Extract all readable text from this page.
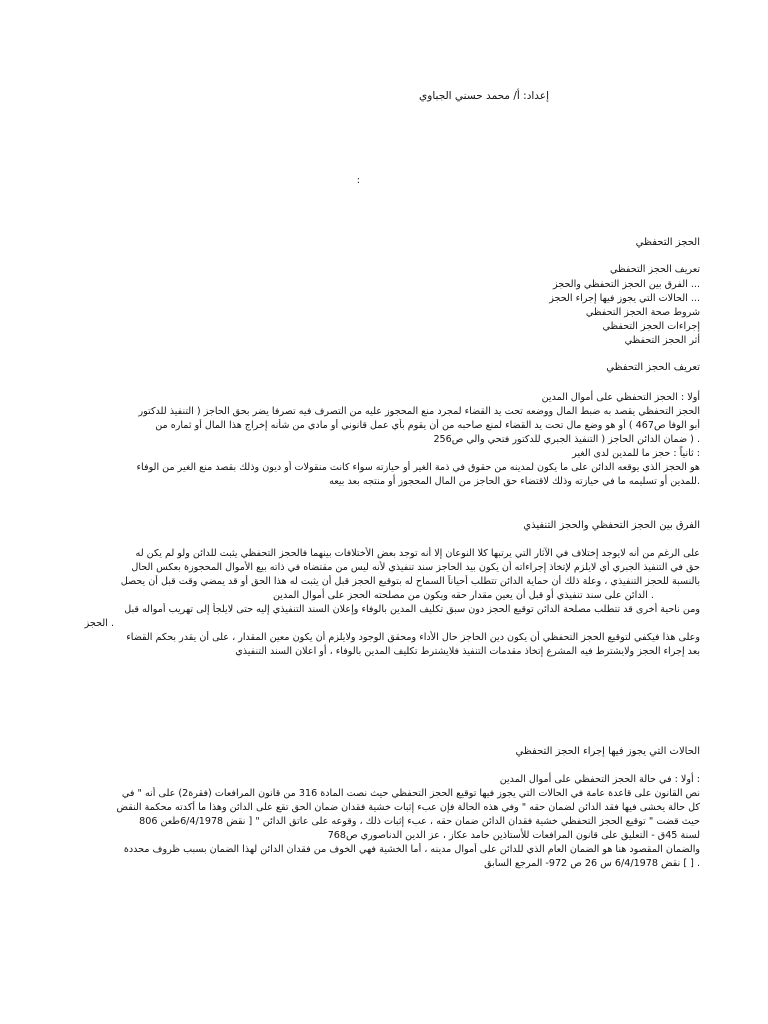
إعداد: أ/ محمد حسني الجباوي
:
الحجز التحفظي
تعريف الحجز التحفظي
... الفرق بين الحجز التحفظي والحجز
... الحالات التي يجوز فيها إجراء الحجز
شروط صحة الحجز التحفظي
إجراءات الحجز التحفظي
أثر الحجز التحفظي
تعريف الحجز التحفظي
أولا : الحجز التحفظي على أموال المدين
الحجز التحفظي يقصد به ضبط المال ووضعه تحت يد القضاء لمجرد منع المحجوز عليه من التصرف فيه تصرفا يضر بحق الحاجز ( التنفيذ للدكتور
أبو الوفا ص467 ) أو هو وضع مال تحت يد القضاء لمنع صاحبه من أن يقوم بأي عمل قانوني أو مادي من شأنه إخراج هذا المال أو ثماره من
. ( ضمان الدائن الحاجز ( التنفيذ الجبري للدكتور فتحي والي ص256
: ثانياً : حجز ما للمدين لدى الغير
هو الحجز الذي يوقعه الدائن على ما يكون لمدينه من حقوق في ذمة الغير أو حيازته سواء كانت منقولات أو ديون وذلك بقصد منع الغير من الوفاء
.للمدين أو تسليمه ما في حيازته وذلك لاقتضاء حق الحاجز من المال المحجوز أو منتجه بعد بيعه
الفرق بين الحجز التحفظي والحجز التنفيذي
على الرغم من أنه لايوجد إختلاف في الآثار التي يرتبها كلا النوعان إلا أنه توجد بعض الأختلافات بينهما فالحجز التحفظي يثبت للدائن ولو لم يكن له
حق في التنفيذ الجبري أي لايلزم لإتخاذ إجراءاته أن يكون بيد الحاجز سند تنفيذي لأنه ليس من مقتضاه في ذاته بيع الأموال المحجوزة بعكس الحال
بالنسبة للحجز التنفيذي ، وعلة ذلك أن حماية الدائن تتطلب أحياناً السماح له بتوقيع الحجز قبل أن يثبت له هذا الحق أو قد يمضي وقت قبل أن يحصل
. الدائن على سند تنفيذي أو قبل أن يعين مقدار حقه ويكون من مصلحته الحجز على أموال المدين
ومن ناحية أخرى قد تتطلب مصلحة الدائن توقيع الحجز دون سبق تكليف المدين بالوفاء وإعلان السند التنفيذي إليه حتى لايلجأ إلى تهريب أمواله قبل
. الحجز
وعلى هذا فيكفي لتوقيع الحجز التحفظي أن يكون دين الحاجز حال الأداء ومحقق الوجود ولايلزم أن يكون معين المقدار ، على أن يقدر بحكم القضاء
بعد إجراء الحجز ولايشترط فيه المشرع إتخاذ مقدمات التنفيذ فلايشترط تكليف المدين بالوفاء ، أو اعلان السند التنفيذي
الحالات التي يجوز فيها إجراء الحجز التحفظي
: أولا : في حالة الحجز التحفظي على أموال المدين
نص القانون على قاعدة عامة في الحالات التي يجوز فيها توقيع الحجز التحفظي حيث نصت المادة 316 من قانون المرافعات (فقرة2) على أنه " في
كل حالة يخشى فيها فقد الدائن لضمان حقه " وفي هذه الحالة فإن عبء إثبات خشية فقدان ضمان الحق تقع على الدائن وهذا ما أكدته محكمة النقض
حيث قضت " توقيع الحجز التحفظي خشية فقدان الدائن ضمان حقه ، عبء إثبات ذلك ، وقوعه على عاتق الدائن " [ نقض 6/4/1978طعن 806
لسنة 45ق - التعليق على قانون المرافعات للأستاذين حامد عكاز ، عز الدين الدناصوري ص768
والضمان المقصود هنا هو الضمان العام الذي للدائن على أموال مدينه ، أما الخشية فهي الخوف من فقدان الدائن لهذا الضمان بسبب ظروف محددة
. [ ] نقض 6/4/1978 س 26 ص 972- المرجع السابق
